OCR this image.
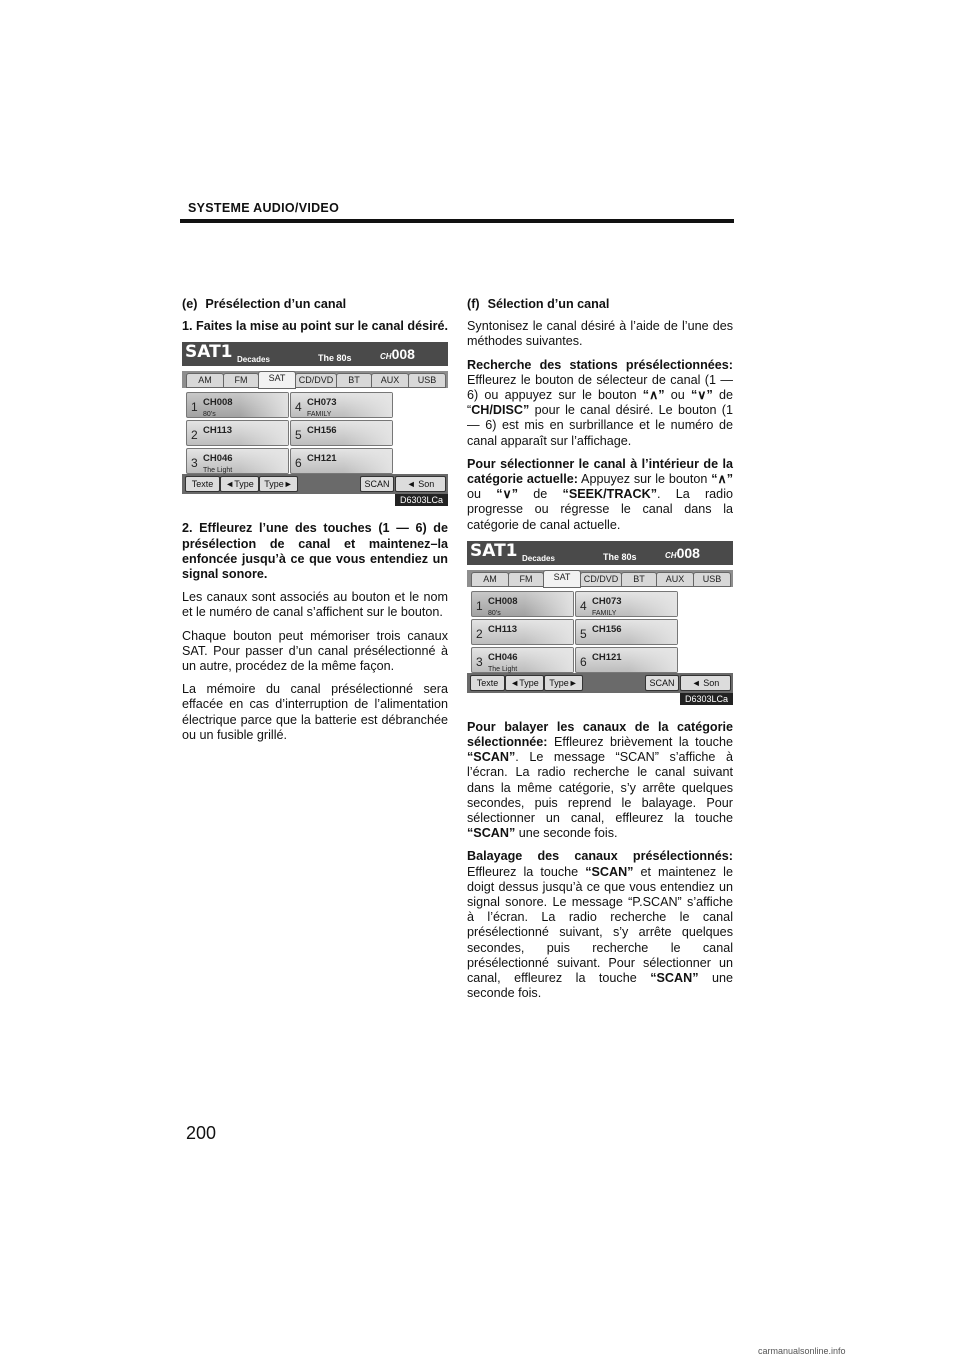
SYSTEME AUDIO/VIDEO
(e) Présélection d’un canal

1. Faites la mise au point sur le canal désiré.

SAT1 Decades	The 80s	CH008
AM	FM	SAT	CD/DVD	BT	AUX	USB
1 CH008
80’s
2 CH113
3 CH046
The Light
4 CH073
FAMILY
5 CH156
6 CH121
Texte	◄Type	Type►	SCAN	◄ Son
D6303LCa

2. Effleurez l’une des touches (1 — 6) de présélection de canal et maintenez–la enfoncée jusqu’à ce que vous entendiez un signal sonore.

Les canaux sont associés au bouton et le nom et le numéro de canal s’affichent sur le bouton.

Chaque bouton peut mémoriser trois canaux SAT. Pour passer d’un canal présélectionné à un autre, procédez de la même façon.

La mémoire du canal présélectionné sera effacée en cas d’interruption de l’alimentation électrique parce que la batterie est débranchée ou un fusible grillé.

(f) Sélection d’un canal

Syntonisez le canal désiré à l’aide de l’une des méthodes suivantes.

Recherche des stations présélectionnées: Effleurez le bouton de sélecteur de canal (1 — 6) ou appuyez sur le bouton “∧” ou “∨” de “CH/DISC” pour le canal désiré. Le bouton (1 — 6) est mis en surbrillance et le numéro de canal apparaît sur l’affichage.

Pour sélectionner le canal à l’intérieur de la catégorie actuelle: Appuyez sur le bouton “∧” ou “∨” de “SEEK/TRACK”. La radio progresse ou régresse le canal dans la catégorie de canal actuelle.

SAT1 Decades	The 80s	CH008
AM	FM	SAT	CD/DVD	BT	AUX	USB
1 CH008
80’s
2 CH113
3 CH046
The Light
4 CH073
FAMILY
5 CH156
6 CH121
Texte	◄Type	Type►	SCAN	◄ Son
D6303LCa

Pour balayer les canaux de la catégorie sélectionnée: Effleurez brièvement la touche “SCAN”. Le message “SCAN” s’affiche à l’écran. La radio recherche le canal suivant dans la même catégorie, s’y arrête quelques secondes, puis reprend le balayage. Pour sélectionner un canal, effleurez la touche “SCAN” une seconde fois.

Balayage des canaux présélectionnés: Effleurez la touche “SCAN” et maintenez le doigt dessus jusqu’à ce que vous entendiez un signal sonore. Le message “P.SCAN” s’affiche à l’écran. La radio recherche le canal présélectionné suivant, s’y arrête quelques secondes, puis recherche le canal présélectionné suivant. Pour sélectionner un canal, effleurez la touche “SCAN” une seconde fois.

200
carmanualsonline.info
